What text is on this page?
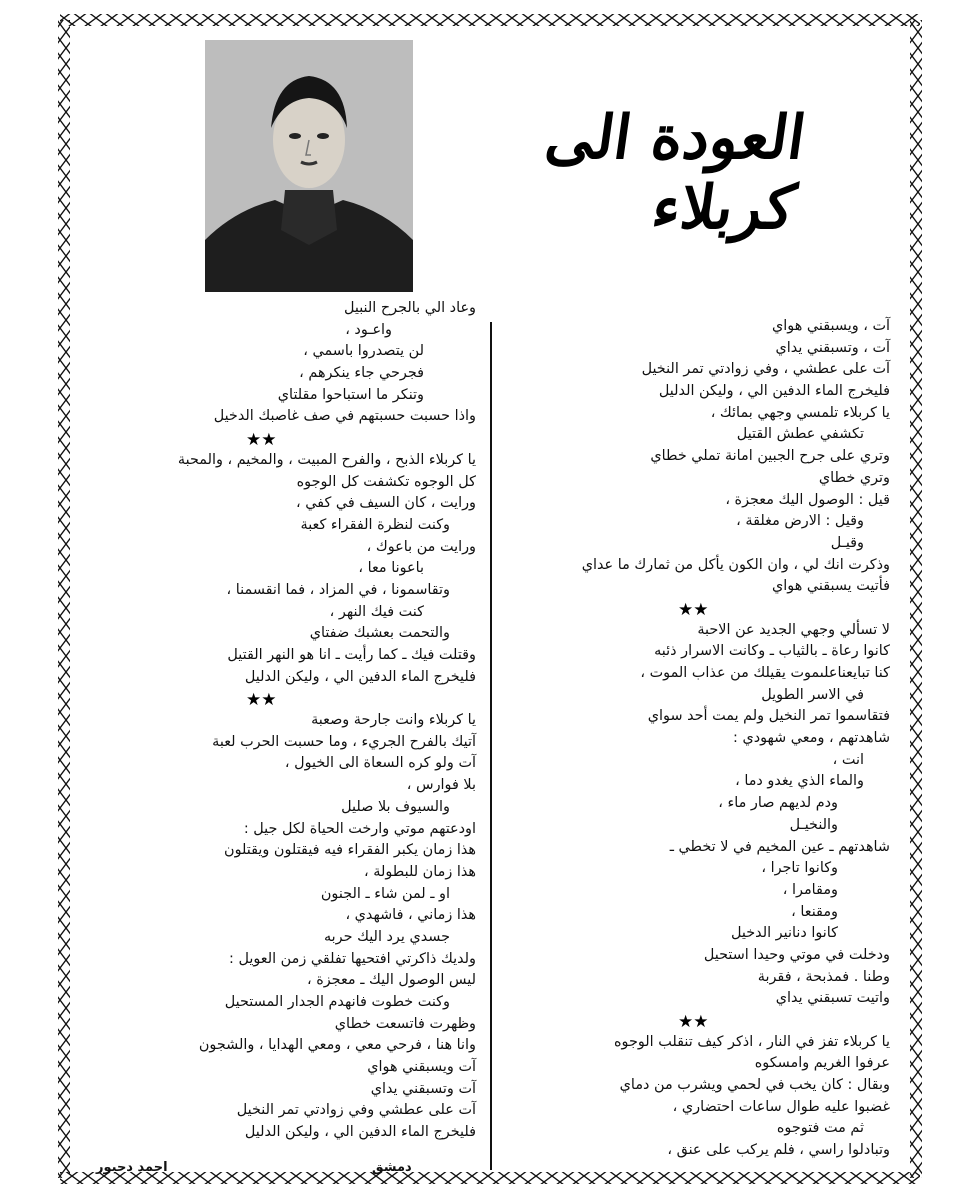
العودة الى كربلاء
وعاد الي بالجرح النبيل
واعـود ،
لن يتصدروا باسمي ،
فجرحي جاء ينكرهم ،
وتنكر ما استباحوا مقلتاي
واذا حسبت حسبتهم في صف غاصبك الدخيل
★★
يا كربلاء الذبح ، والفرح المبيت ، والمخيم ، والمحبة
كل الوجوه تكشفت كل الوجوه
ورايت ، كان السيف في كفي ،
وكنت لنظرة الفقراء كعبة
ورايت من باعوك ،
باعونا معا ،
وتقاسمونا ، في المزاد ، فما انقسمنا ،
كنت فيك النهر ،
والتحمت بعشبك ضفتاي
وقتلت فيك ـ كما رأيت ـ انا هو النهر القتيل
فليخرج الماء الدفين الي ، وليكن الدليل
★★
يا كربلاء وانت جارحة وصعبة
آتيك بالفرح الجريء ، وما حسبت الحرب لعبة
آت ولو كره السعاة الى الخيول ،
بلا فوارس ،
والسيوف بلا صليل
اودعتهم موتي وارخت الحياة لكل جيل :
هذا زمان يكبر الفقراء فيه فيقتلون ويقتلون
هذا زمان للبطولة ،
او ـ لمن شاء ـ الجنون
هذا زماني ، فاشهدي ،
جسدي يرد اليك حربه
ولديك ذاكرتي افتحيها تفلقي زمن العويل :
ليس الوصول اليك ـ معجزة ،
وكنت خطوت فانهدم الجدار المستحيل
وظهرت فاتسعت خطاي
وانا هنا ، فرحي معي ، ومعي الهدايا ، والشجون
آت ويسبقني هواي
آت وتسبقني يداي
آت على عطشي وفي زوادتي تمر النخيل
فليخرج الماء الدفين الي ، وليكن الدليل
آت ، ويسبقني هواي
آت ، وتسبقني يداي
آت على عطشي ، وفي زوادتي تمر النخيل
فليخرج الماء الدفين الي ، وليكن الدليل
يا كربلاء تلمسي وجهي بمائك ،
تكشفي عطش القتيل
وتري على جرح الجبين امانة تملي خطاي
وتري خطاي
قيل : الوصول اليك معجزة ،
وقيل : الارض مغلقة ،
وقيـل
وذكرت انك لي ، وان الكون يأكل من ثمارك ما عداي
فأتيت يسبقني هواي
★★
لا تسألي وجهي الجديد عن الاحبة
كانوا رعاة ـ بالثياب ـ وكانت الاسرار ذئبه
كنا تبايعناعلىموت يقيلك من عذاب الموت ،
في الاسر الطويل
فتقاسموا تمر النخيل ولم يمت أحد سواي
شاهدتهم ، ومعي شهودي :
انت ،
والماء الذي يغدو دما ،
ودم لديهم صار ماء ،
والنخيـل
شاهدتهم ـ عين المخيم في لا تخطي ـ
وكانوا تاجرا ،
ومقامرا ،
ومقنعا ،
كانوا دنانير الدخيل
ودخلت في موتي وحيدا استحيل
وطنا . فمذبحة ، فقربة
واتيت تسبقني يداي
★★
يا كربلاء تفز في النار ، اذكر كيف تنقلب الوجوه
عرفوا الغريم وامسكوه
وبقال : كان يخب في لحمي ويشرب من دماي
غضبوا عليه طوال ساعات احتضاري ،
ثم مت فتوجوه
وتبادلوا راسي ، فلم يركب على عنق ،
احمد دحبور	دمشق
